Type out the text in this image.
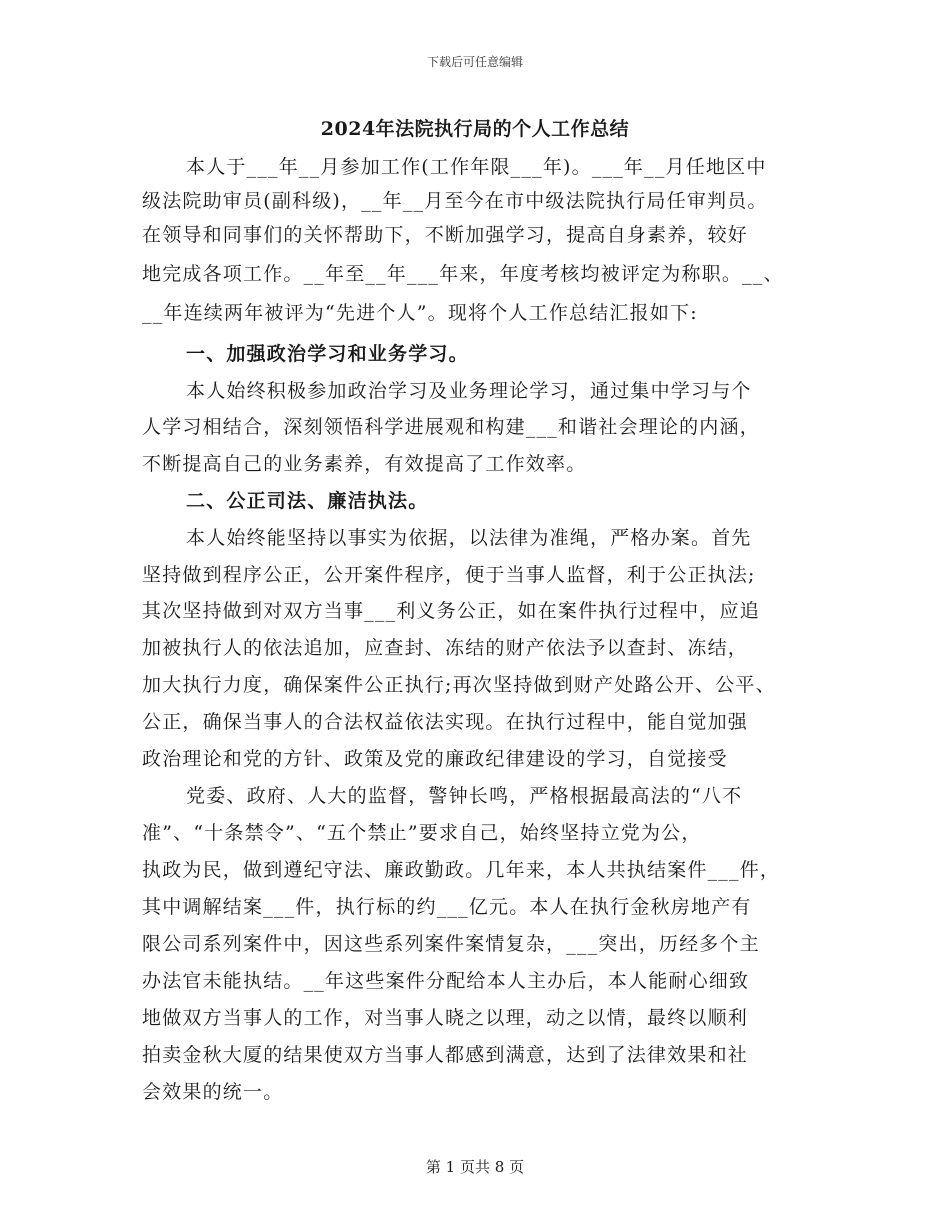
下载后可任意编辑
2024年法院执行局的个人工作总结
本人于___年__月参加工作(工作年限___年)。___年__月任地区中
级法院助审员(副科级)，__年__月至今在市中级法院执行局任审判员。
在领导和同事们的关怀帮助下，不断加强学习，提高自身素养，较好
地完成各项工作。__年至__年___年来，年度考核均被评定为称职。__、
__年连续两年被评为“先进个人”。现将个人工作总结汇报如下:
一、加强政治学习和业务学习。
本人始终积极参加政治学习及业务理论学习，通过集中学习与个
人学习相结合，深刻领悟科学进展观和构建___和谐社会理论的内涵，
不断提高自己的业务素养，有效提高了工作效率。
二、公正司法、廉洁执法。
本人始终能坚持以事实为依据，以法律为准绳，严格办案。首先
坚持做到程序公正，公开案件程序，便于当事人监督，利于公正执法;
其次坚持做到对双方当事___利义务公正，如在案件执行过程中，应追
加被执行人的依法追加，应查封、冻结的财产依法予以查封、冻结，
加大执行力度，确保案件公正执行;再次坚持做到财产处路公开、公平、
公正，确保当事人的合法权益依法实现。在执行过程中，能自觉加强
政治理论和党的方针、政策及党的廉政纪律建设的学习，自觉接受
党委、政府、人大的监督，警钟长鸣，严格根据最高法的“八不
准”、“十条禁令”、“五个禁止”要求自己，始终坚持立党为公，
执政为民，做到遵纪守法、廉政勤政。几年来，本人共执结案件___件，
其中调解结案___件，执行标的约___亿元。本人在执行金秋房地产有
限公司系列案件中，因这些系列案件案情复杂，___突出，历经多个主
办法官未能执结。__年这些案件分配给本人主办后，本人能耐心细致
地做双方当事人的工作，对当事人晓之以理，动之以情，最终以顺利
拍卖金秋大厦的结果使双方当事人都感到满意，达到了法律效果和社
会效果的统一。
第 1 页共 8 页
